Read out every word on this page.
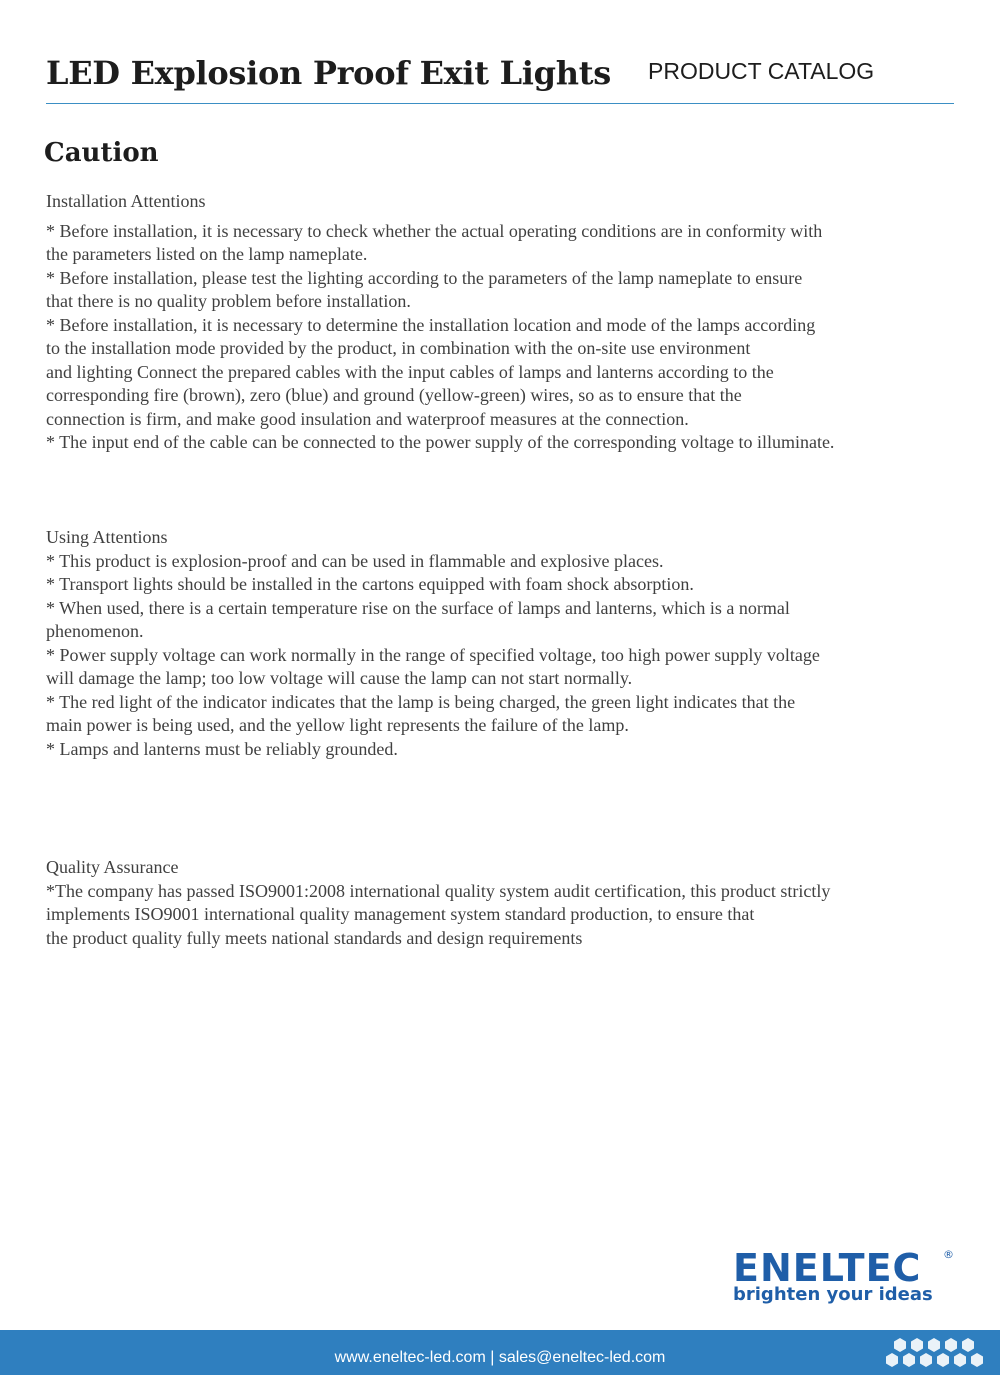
LED Explosion Proof Exit Lights PRODUCT CATALOG
Caution

Installation Attentions

* Before installation, it is necessary to check whether the actual operating conditions are in conformity with

the parameters listed on the lamp nameplate.

* Before installation, please test the lighting according to the parameters of the lamp nameplate to ensure

that there is no quality problem before installation.

* Before installation, it is necessary to determine the installation location and mode of the lamps according

to the installation mode provided by the product, in combination with the on-site use environment

and lighting Connect the prepared cables with the input cables of lamps and lanterns according to the

corresponding fire (brown), zero (blue) and ground (yellow-green) wires, so as to ensure that the

connection is firm, and make good insulation and waterproof measures at the connection.

* The input end of the cable can be connected to the power supply of the corresponding voltage to illuminate.

Using Attentions

* This product is explosion-proof and can be used in flammable and explosive places.

* Transport lights should be installed in the cartons equipped with foam shock absorption.

* When used, there is a certain temperature rise on the surface of lamps and lanterns, which is a normal

phenomenon.

* Power supply voltage can work normally in the range of specified voltage, too high power supply voltage

will damage the lamp; too low voltage will cause the lamp can not start normally.

* The red light of the indicator indicates that the lamp is being charged, the green light indicates that the

main power is being used, and the yellow light represents the failure of the lamp.

* Lamps and lanterns must be reliably grounded.

Quality Assurance

*The company has passed ISO9001:2008 international quality system audit certification, this product strictly

implements ISO9001 international quality management system standard production, to ensure that

the product quality fully meets national standards and design requirements

ENELTEC ®
brighten your ideas
www.eneltec-led.com | sales@eneltec-led.com
